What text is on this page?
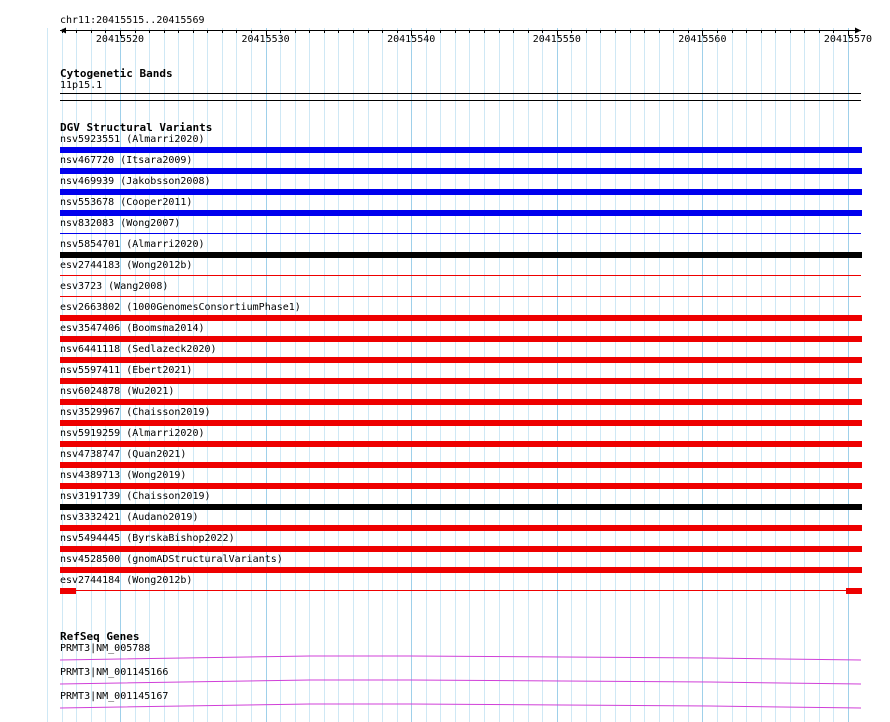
chr11:20415515..20415569
20415520	20415530	20415540	20415550	20415560	20415570
Cytogenetic Bands
11p15.1
DGV Structural Variants
nsv5923551 (Almarri2020)
nsv467720 (Itsara2009)
nsv469939 (Jakobsson2008)
nsv553678 (Cooper2011)
nsv832083 (Wong2007)
nsv5854701 (Almarri2020)
esv2744183 (Wong2012b)
esv3723 (Wang2008)
esv2663802 (1000GenomesConsortiumPhase1)
esv3547406 (Boomsma2014)
nsv6441118 (Sedlazeck2020)
nsv5597411 (Ebert2021)
nsv6024878 (Wu2021)
nsv3529967 (Chaisson2019)
nsv5919259 (Almarri2020)
nsv4738747 (Quan2021)
nsv4389713 (Wong2019)
nsv3191739 (Chaisson2019)
nsv3332421 (Audano2019)
nsv5494445 (ByrskaBishop2022)
nsv4528500 (gnomADStructuralVariants)
esv2744184 (Wong2012b)
RefSeq Genes
PRMT3|NM_005788
PRMT3|NM_001145166
PRMT3|NM_001145167
